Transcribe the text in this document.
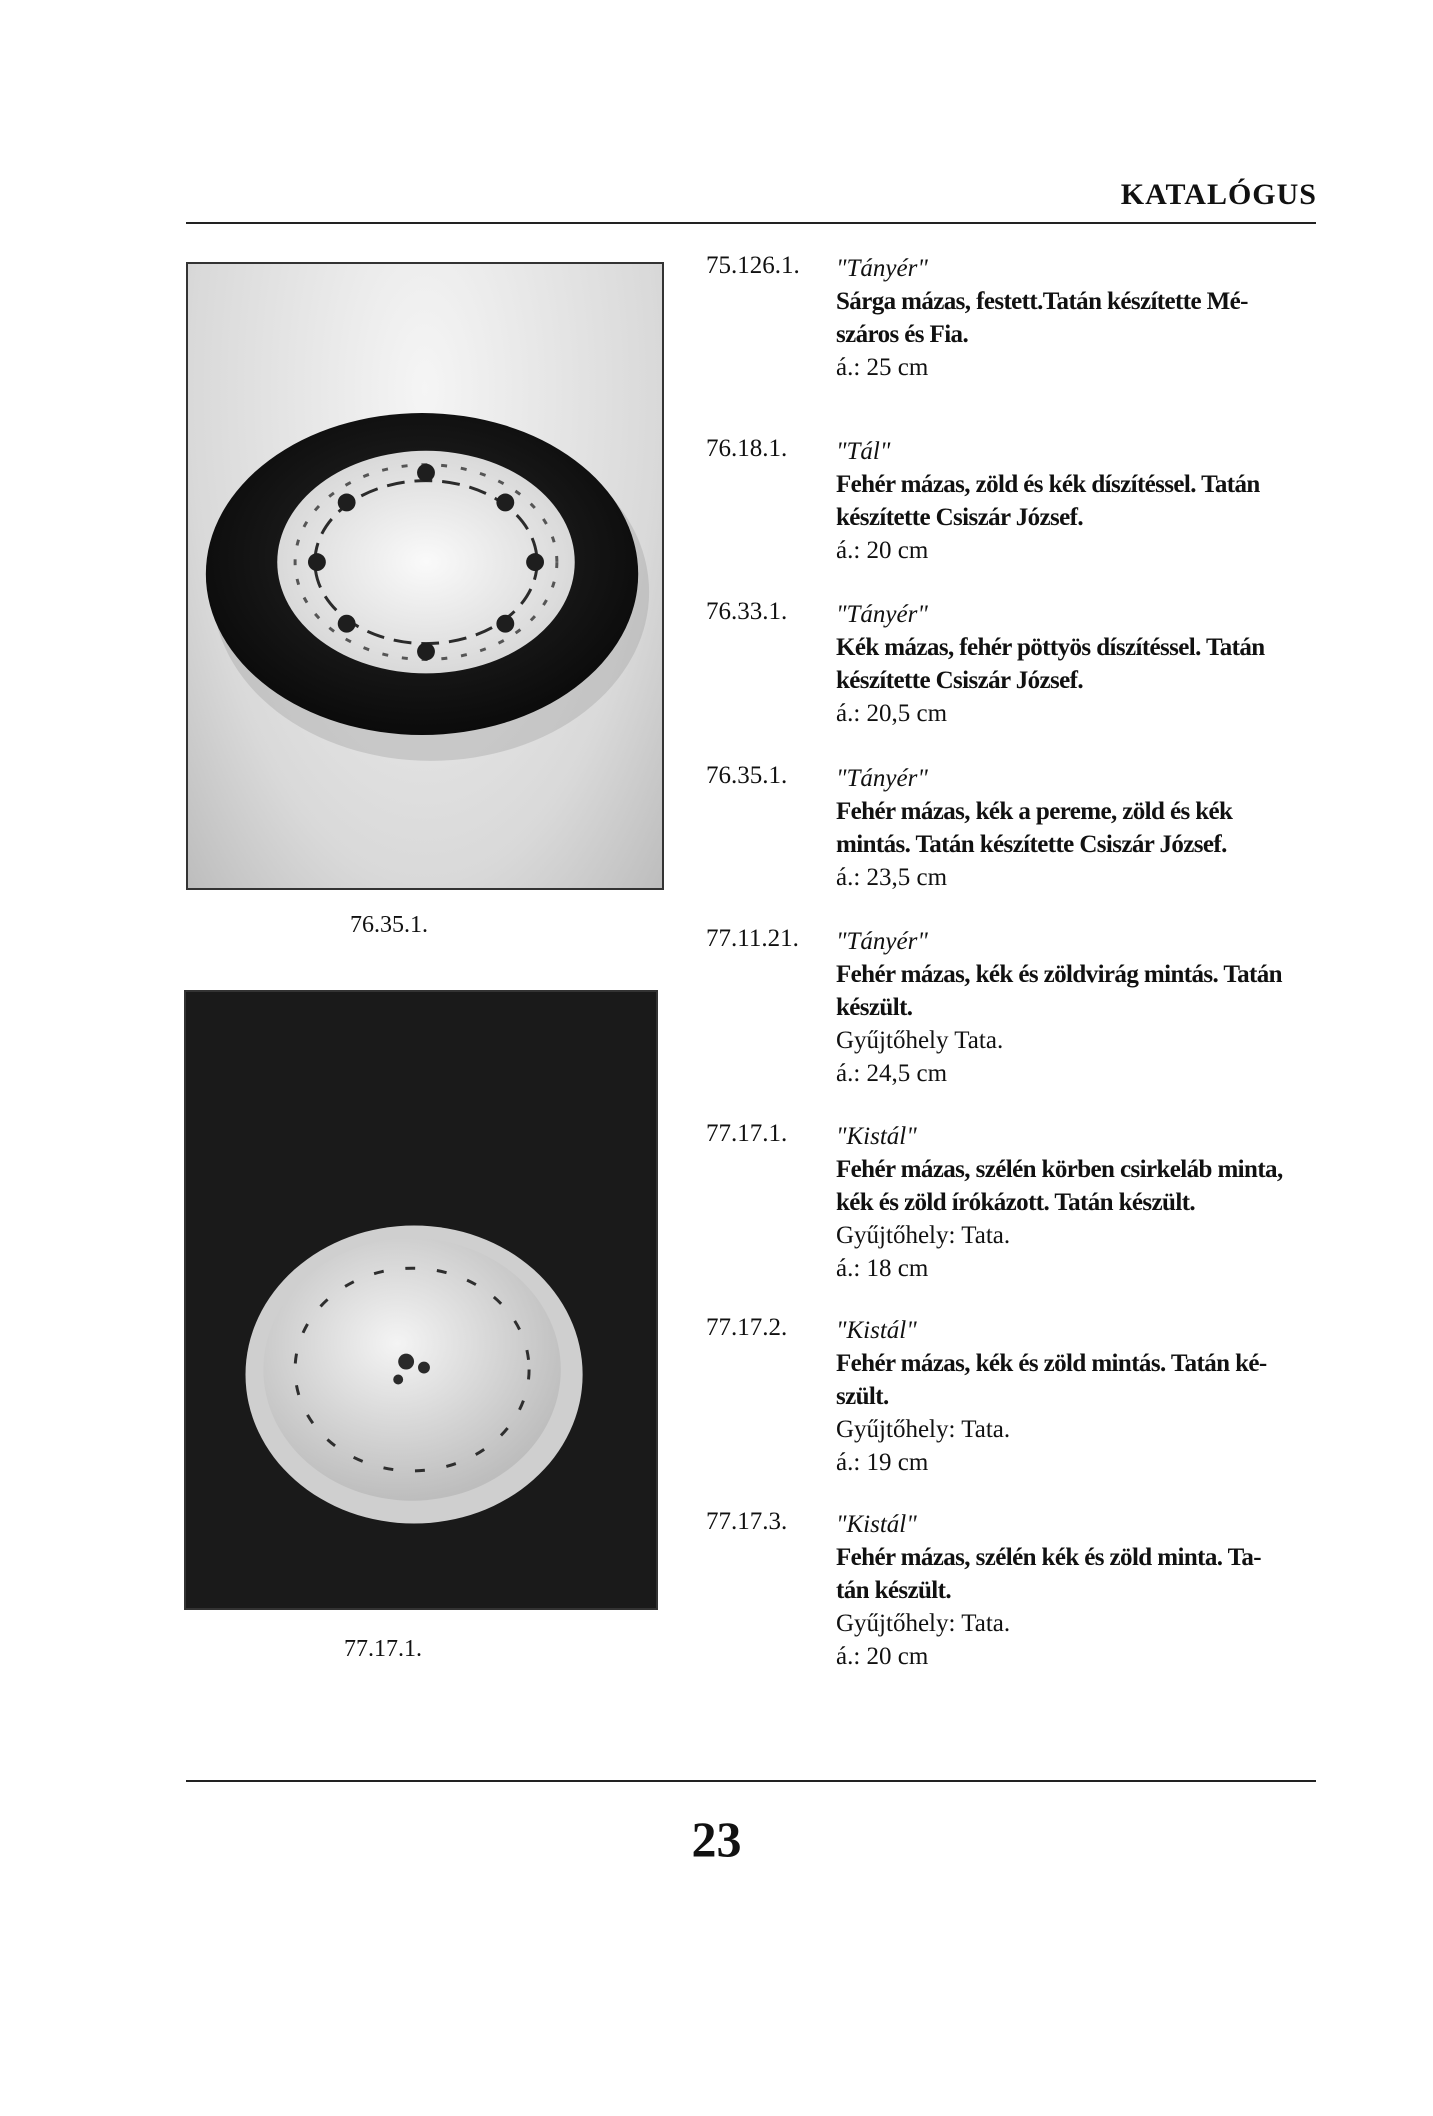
KATALÓGUS
76.35.1.
77.17.1.
75.126.1. "Tányér"
Sárga mázas, festett.Tatán készítette Mé-
száros és Fia.
á.: 25 cm
76.18.1. "Tál"
Fehér mázas, zöld és kék díszítéssel. Tatán
készítette Csiszár József.
á.: 20 cm
76.33.1. "Tányér"
Kék mázas, fehér pöttyös díszítéssel. Tatán
készítette Csiszár József.
á.: 20,5 cm
76.35.1. "Tányér"
Fehér mázas, kék a pereme, zöld és kék
mintás. Tatán készítette Csiszár József.
á.: 23,5 cm
77.11.21. "Tányér"
Fehér mázas, kék és zöldvirág mintás. Tatán
készült.
Gyűjtőhely Tata.
á.: 24,5 cm
77.17.1. "Kistál"
Fehér mázas, szélén körben csirkeláb minta,
kék és zöld írókázott. Tatán készült.
Gyűjtőhely: Tata.
á.: 18 cm
77.17.2. "Kistál"
Fehér mázas, kék és zöld mintás. Tatán ké-
szült.
Gyűjtőhely: Tata.
á.: 19 cm
77.17.3. "Kistál"
Fehér mázas, szélén kék és zöld minta. Ta-
tán készült.
Gyűjtőhely: Tata.
á.: 20 cm
23
